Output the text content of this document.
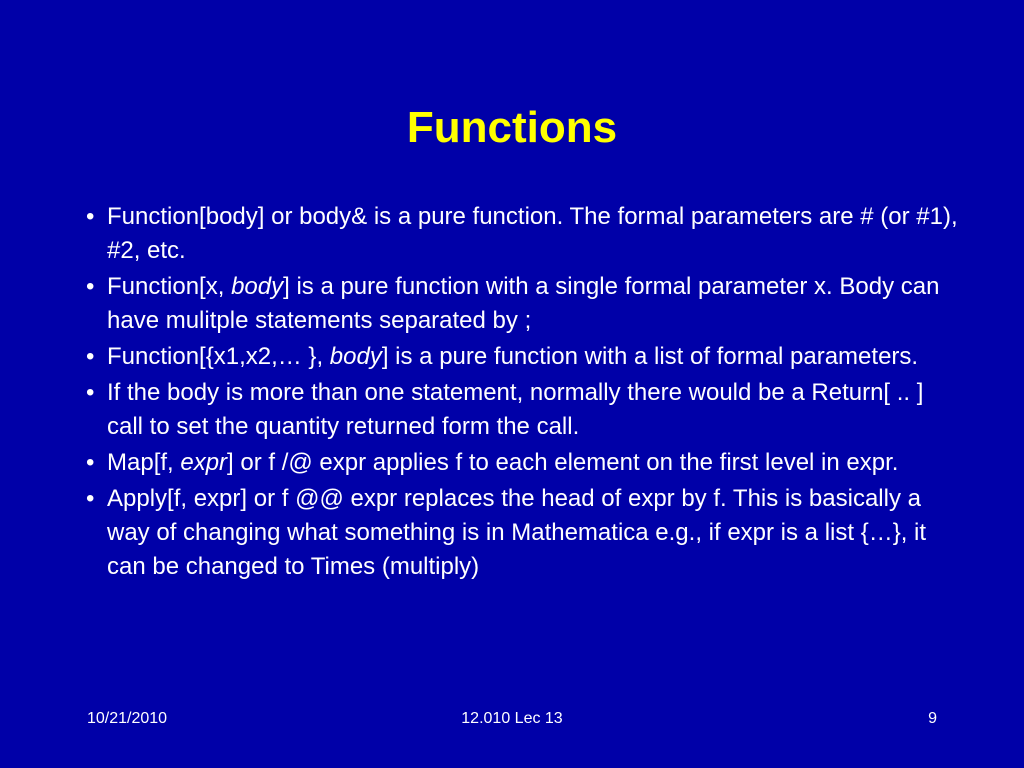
Functions
• Function[body] or body& is a pure function. The formal parameters are # (or #1), #2, etc.
• Function[x, body] is a pure function with a single formal parameter x. Body can have mulitple statements separated by ;
• Function[{x1,x2,… }, body] is a pure function with a list of formal parameters.
• If the body is more than one statement, normally there would be a Return[ .. ] call to set the quantity returned form the call.
• Map[f, expr] or f /@ expr applies f to each element on the first level in expr.
• Apply[f, expr] or f @@ expr replaces the head of expr by f. This is basically a way of changing what something is in Mathematica e.g., if expr is a list {…}, it can be changed to Times (multiply)
10/21/2010	12.010 Lec 13	9
